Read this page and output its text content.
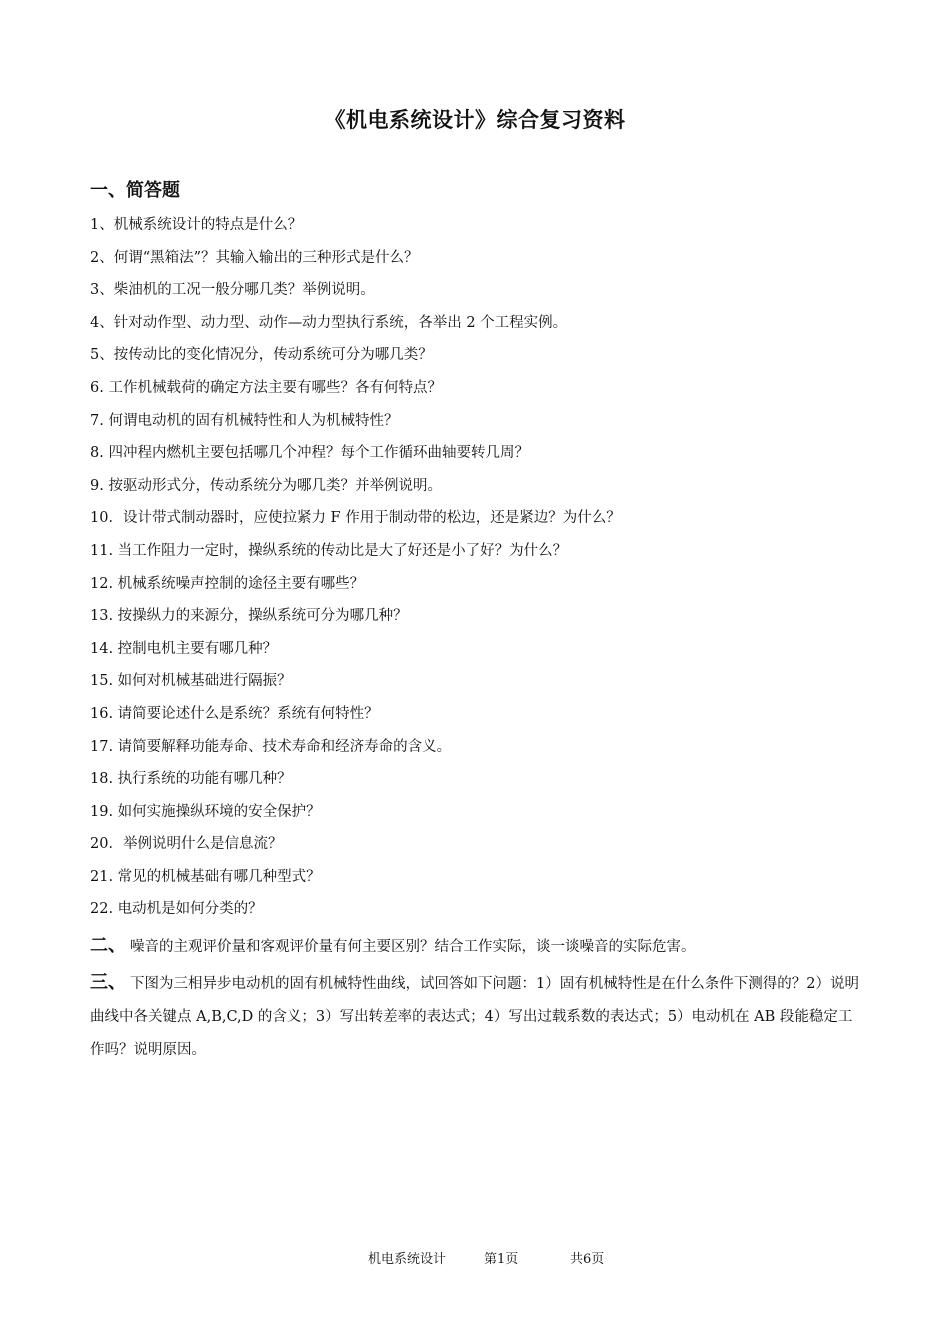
《机电系统设计》综合复习资料
一、简答题
1、机械系统设计的特点是什么？
2、何谓“黑箱法”？其输入输出的三种形式是什么？
3、柴油机的工况一般分哪几类？举例说明。
4、针对动作型、动力型、动作—动力型执行系统，各举出 2 个工程实例。
5、按传动比的变化情况分，传动系统可分为哪几类？
6. 工作机械载荷的确定方法主要有哪些？各有何特点？
7. 何谓电动机的固有机械特性和人为机械特性？
8. 四冲程内燃机主要包括哪几个冲程？每个工作循环曲轴要转几周？
9. 按驱动形式分，传动系统分为哪几类？并举例说明。
10．设计带式制动器时，应使拉紧力 F 作用于制动带的松边，还是紧边？为什么？
11. 当工作阻力一定时，操纵系统的传动比是大了好还是小了好？为什么？
12. 机械系统噪声控制的途径主要有哪些？
13. 按操纵力的来源分，操纵系统可分为哪几种？
14. 控制电机主要有哪几种？
15. 如何对机械基础进行隔振？
16. 请简要论述什么是系统？系统有何特性？
17. 请简要解释功能寿命、技术寿命和经济寿命的含义。
18. 执行系统的功能有哪几种？
19. 如何实施操纵环境的安全保护？
20．举例说明什么是信息流？
21. 常见的机械基础有哪几种型式？
22. 电动机是如何分类的？
二、 噪音的主观评价量和客观评价量有何主要区别？结合工作实际，谈一谈噪音的实际危害。
三、 下图为三相异步电动机的固有机械特性曲线，试回答如下问题：1）固有机械特性是在什么条件下测得的？2）说明曲线中各关键点 A,B,C,D 的含义；3）写出转差率的表达式；4）写出过载系数的表达式；5）电动机在 AB 段能稳定工作吗？说明原因。
机电系统设计	第1页	共6页
